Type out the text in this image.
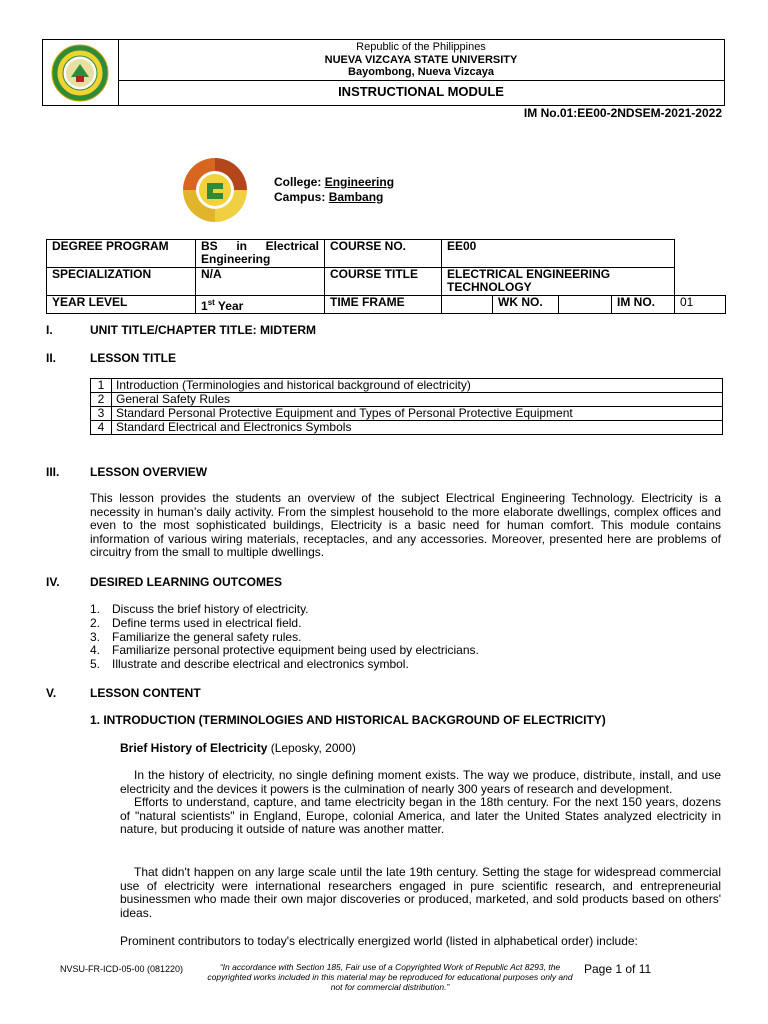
Republic of the Philippines
NUEVA VIZCAYA STATE UNIVERSITY
Bayombong, Nueva Vizcaya
INSTRUCTIONAL MODULE
IM No.01:EE00-2NDSEM-2021-2022
College: Engineering
Campus: Bambang
DEGREE PROGRAM	BS in Electrical Engineering	COURSE NO.	EE00				
SPECIALIZATION	N/A	COURSE TITLE	ELECTRICAL ENGINEERING TECHNOLOGY				
YEAR LEVEL	1st Year	TIME FRAME		WK NO.		IM NO.	01
I.	UNIT TITLE/CHAPTER TITLE: MIDTERM
II.	LESSON TITLE
1	Introduction (Terminologies and historical background of electricity)
2	General Safety Rules
3	Standard Personal Protective Equipment and Types of Personal Protective Equipment
4	Standard Electrical and Electronics Symbols
III.	LESSON OVERVIEW
This lesson provides the students an overview of the subject Electrical Engineering Technology. Electricity is a necessity in human’s daily activity. From the simplest household to the more elaborate dwellings, complex offices and even to the most sophisticated buildings, Electricity is a basic need for human comfort. This module contains information of various wiring materials, receptacles, and any accessories. Moreover, presented here are problems of circuitry from the small to multiple dwellings.
IV.	DESIRED LEARNING OUTCOMES
1. Discuss the brief history of electricity.
2. Define terms used in electrical field.
3. Familiarize the general safety rules.
4. Familiarize personal protective equipment being used by electricians.
5. Illustrate and describe electrical and electronics symbol.
V.	LESSON CONTENT
1. INTRODUCTION (TERMINOLOGIES AND HISTORICAL BACKGROUND OF ELECTRICITY)
Brief History of Electricity (Leposky, 2000)

In the history of electricity, no single defining moment exists. The way we produce, distribute, install, and use electricity and the devices it powers is the culmination of nearly 300 years of research and development.

Efforts to understand, capture, and tame electricity began in the 18th century. For the next 150 years, dozens of "natural scientists" in England, Europe, colonial America, and later the United States analyzed electricity in nature, but producing it outside of nature was another matter.

That didn't happen on any large scale until the late 19th century. Setting the stage for widespread commercial use of electricity were international researchers engaged in pure scientific research, and entrepreneurial businessmen who made their own major discoveries or produced, marketed, and sold products based on others' ideas.

Prominent contributors to today's electrically energized world (listed in alphabetical order) include:
NVSU-FR-ICD-05-00 (081220)	“In accordance with Section 185, Fair use of a Copyrighted Work of Republic Act 8293, the copyrighted works included in this material may be reproduced for educational purposes only and not for commercial distribution.”
Page 1 of 11
